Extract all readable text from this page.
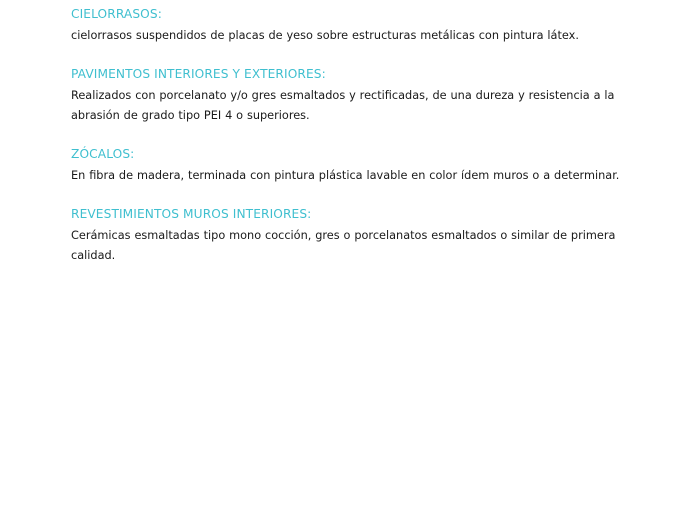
CIELORRASOS:

cielorrasos suspendidos de placas de yeso sobre estructuras metálicas con pintura látex.

PAVIMENTOS INTERIORES Y EXTERIORES:

Realizados con porcelanato y/o gres esmaltados y rectificadas, de una dureza y resistencia a la abrasión de grado tipo PEI 4 o superiores.

ZÓCALOS:

En fibra de madera, terminada con pintura plástica lavable en color ídem muros o a determinar.

REVESTIMIENTOS MUROS INTERIORES:

Cerámicas esmaltadas tipo mono cocción, gres o porcelanatos esmaltados o similar de primera calidad.
